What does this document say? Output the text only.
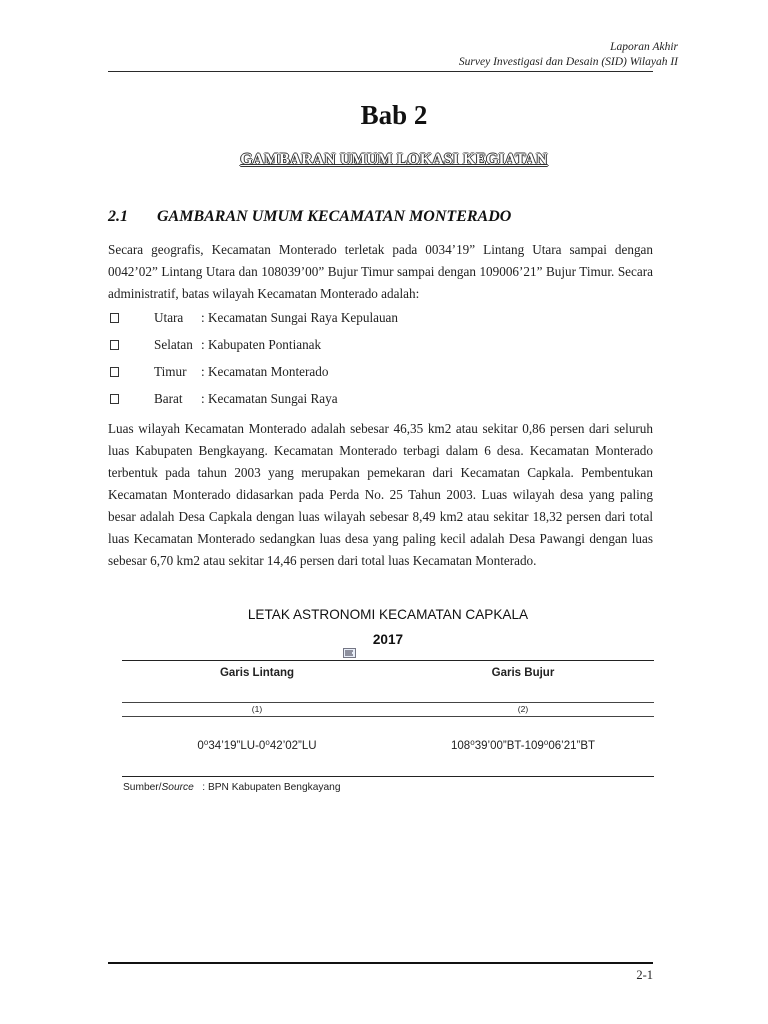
Laporan Akhir
Survey Investigasi dan Desain (SID) Wilayah II
Bab 2
GAMBARAN UMUM LOKASI KEGIATAN
2.1 GAMBARAN UMUM KECAMATAN MONTERADO
Secara geografis, Kecamatan Monterado terletak pada 0034’19” Lintang Utara sampai dengan 0042’02” Lintang Utara dan 108039’00” Bujur Timur sampai dengan 109006’21” Bujur Timur. Secara administratif, batas wilayah Kecamatan Monterado adalah:
Utara : Kecamatan Sungai Raya Kepulauan
Selatan : Kabupaten Pontianak
Timur : Kecamatan Monterado
Barat : Kecamatan Sungai Raya
Luas wilayah Kecamatan Monterado adalah sebesar 46,35 km2 atau sekitar 0,86 persen dari seluruh luas Kabupaten Bengkayang. Kecamatan Monterado terbagi dalam 6 desa. Kecamatan Monterado terbentuk pada tahun 2003 yang merupakan pemekaran dari Kecamatan Capkala. Pembentukan Kecamatan Monterado didasarkan pada Perda No. 25 Tahun 2003. Luas wilayah desa yang paling besar adalah Desa Capkala dengan luas wilayah sebesar 8,49 km2 atau sekitar 18,32 persen dari total luas Kecamatan Monterado sedangkan luas desa yang paling kecil adalah Desa Pawangi dengan luas sebesar 6,70 km2 atau sekitar 14,46 persen dari total luas Kecamatan Monterado.
LETAK ASTRONOMI KECAMATAN CAPKALA
2017
Garis Lintang	Garis Bujur
(1)	(2)
0⁰34’19”LU-0⁰42’02”LU	108⁰39’00”BT-109⁰06’21”BT
Sumber/Source   : BPN Kabupaten Bengkayang
2-1
